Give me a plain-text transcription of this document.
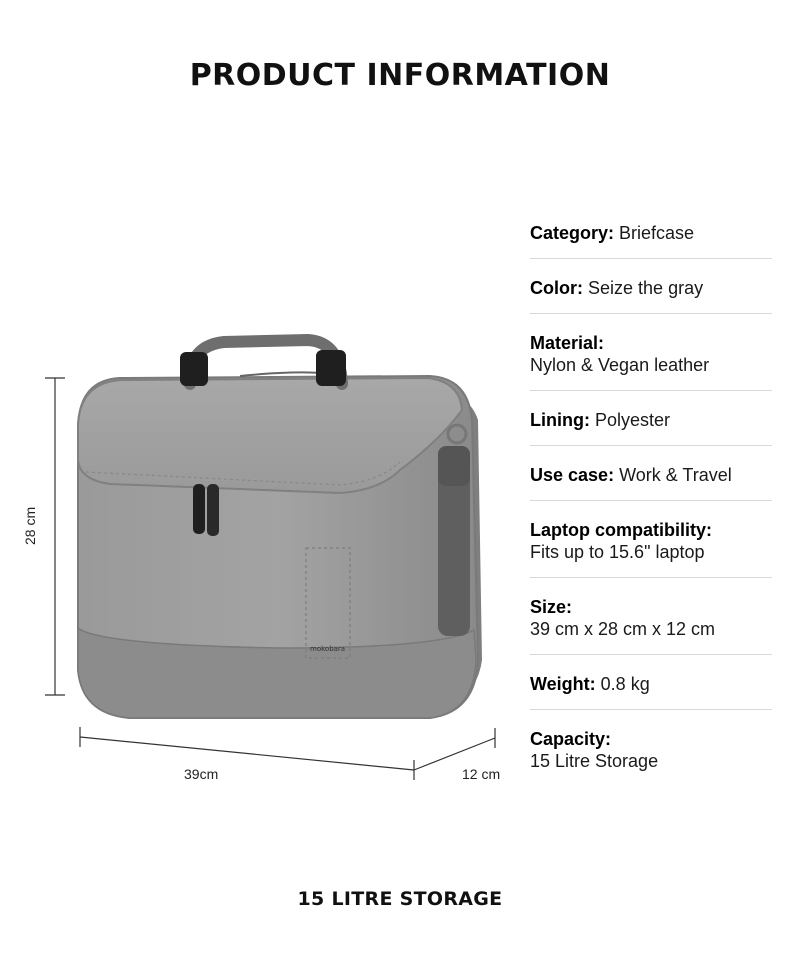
PRODUCT INFORMATION
mokobara
28 cm
39cm	12 cm
Category: Briefcase
Color: Seize the gray
Material:
Nylon & Vegan leather
Lining: Polyester
Use case: Work & Travel
Laptop compatibility:
Fits up to 15.6" laptop
Size:
39 cm x 28 cm x 12 cm
Weight: 0.8 kg
Capacity:
15 Litre Storage
15 LITRE STORAGE
